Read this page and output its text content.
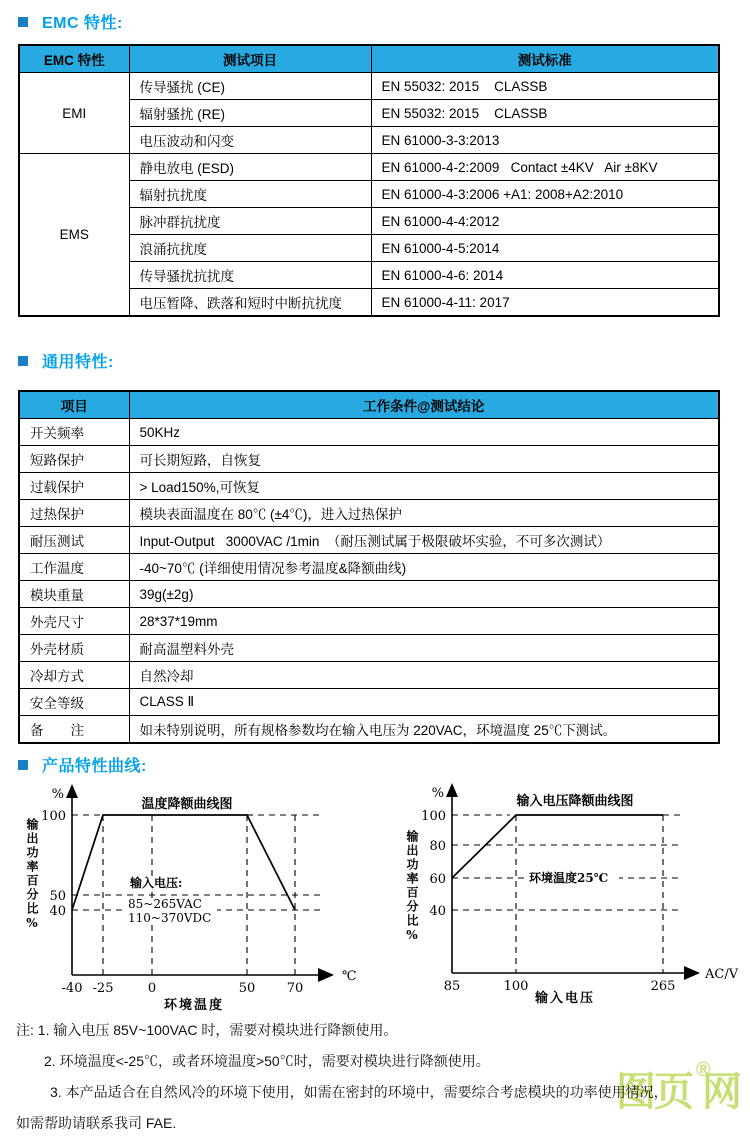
EMC 特性:
EMC 特性	测试项目	测试标准
EMI	传导骚扰 (CE)	EN 55032: 2015    CLASSB
	辐射骚扰 (RE)	EN 55032: 2015    CLASSB
	电压波动和闪变	EN 61000-3-3:2013
EMS	静电放电 (ESD)	EN 61000-4-2:2009   Contact ±4KV   Air ±8KV
	辐射抗扰度	EN 61000-4-3:2006 +A1: 2008+A2:2010
	脉冲群抗扰度	EN 61000-4-4:2012
	浪涌抗扰度	EN 61000-4-5:2014
	传导骚扰抗扰度	EN 61000-4-6: 2014
	电压暂降、跌落和短时中断抗扰度	EN 61000-4-11: 2017
通用特性:
项目	工作条件@测试结论
开关频率	50KHz
短路保护	可长期短路，自恢复
过载保护	> Load150%,可恢复
过热保护	模块表面温度在 80℃ (±4℃)，进入过热保护
耐压测试	Input-Output   3000VAC /1min  （耐压测试属于极限破坏实验，不可多次测试）
工作温度	-40~70℃ (详细使用情况参考温度&降额曲线)
模块重量	39g(±2g)
外壳尺寸	28*37*19mm
外壳材质	耐高温塑料外壳
冷却方式	自然冷却
安全等级	CLASS Ⅱ
备　　注	如未特别说明，所有规格参数均在输入电压为 220VAC，环境温度 25℃下测试。
产品特性曲线:
输出功率百分比%
温度降额曲线图
%
100
50
40
-40 -25	0	50 70
℃
环境温度
输入电压:
85~265VAC
110~370VDC	输出功率百分比%
输入电压降额曲线图
%
100
80
60
40
85	100	265
AC/V
输入电压
环境温度25℃
图页 ®
网
注: 1. 输入电压 85V~100VAC 时，需要对模块进行降额使用。
2. 环境温度<-25℃，或者环境温度>50℃时，需要对模块进行降额使用。
3. 本产品适合在自然风冷的环境下使用，如需在密封的环境中，需要综合考虑模块的功率使用情况，
如需帮助请联系我司 FAE.
